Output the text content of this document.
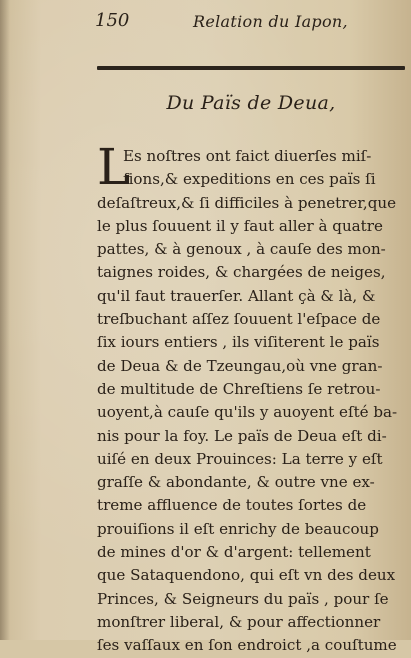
150	Relation du Iapon,
Du Païs de Deua,
L
Es noſtres ont faict diuerſes miſ-
ſions,& expeditions en ces païs ſi
deſaſtreux,& ſi difficiles à penetrer,que
le plus ſouuent il y faut aller à quatre
pattes, & à genoux , à cauſe des mon-
taignes roides, & chargées de neiges,
qu'il faut trauerſer. Allant çà & là, &
treſbuchant aſſez ſouuent l'eſpace de
ſix iours entiers , ils viſiterent le païs
de Deua & de Tzeungau,où vne gran-
de multitude de Chreſtiens ſe retrou-
uoyent,à cauſe qu'ils y auoyent eſté ba-
nis pour la foy. Le païs de Deua eſt di-
uiſé en deux Prouinces: La terre y eſt
graſſe & abondante, & outre vne ex-
treme affluence de toutes ſortes de
prouiſions il eſt enrichy de beaucoup
de mines d'or & d'argent: tellement
que Sataquendono, qui eſt vn des deux
Princes, & Seigneurs du païs , pour ſe
monſtrer liberal, & pour affectionner
ſes vaſſaux en ſon endroict ,a couſtume
